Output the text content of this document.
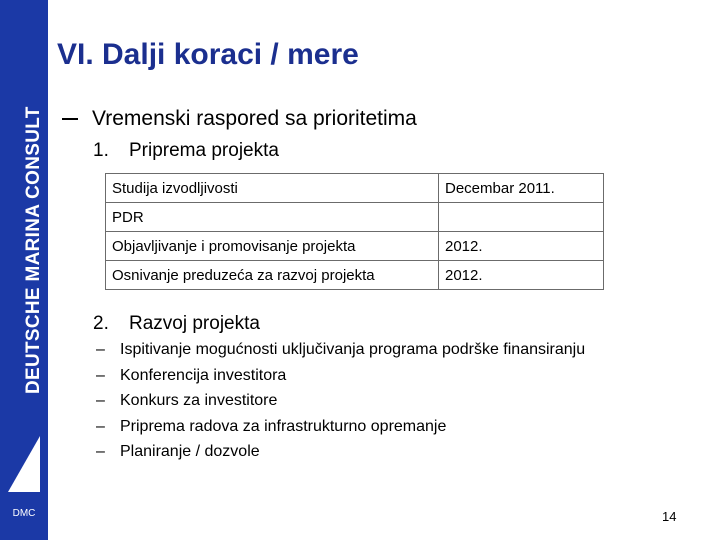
DEUTSCHE MARINA CONSULT
DMC
VI. Dalji koraci / mere
Vremenski raspored sa prioritetima
1.	Priprema projekta
Studija izvodljivosti	Decembar 2011.
PDR	
Objavljivanje i promovisanje projekta	2012.
Osnivanje preduzeća za razvoj projekta	2012.
2.	Razvoj projekta
– Ispitivanje mogućnosti uključivanja programa podrške finansiranju
– Konferencija investitora
– Konkurs za investitore
– Priprema radova za infrastrukturno opremanje
– Planiranje / dozvole
14
